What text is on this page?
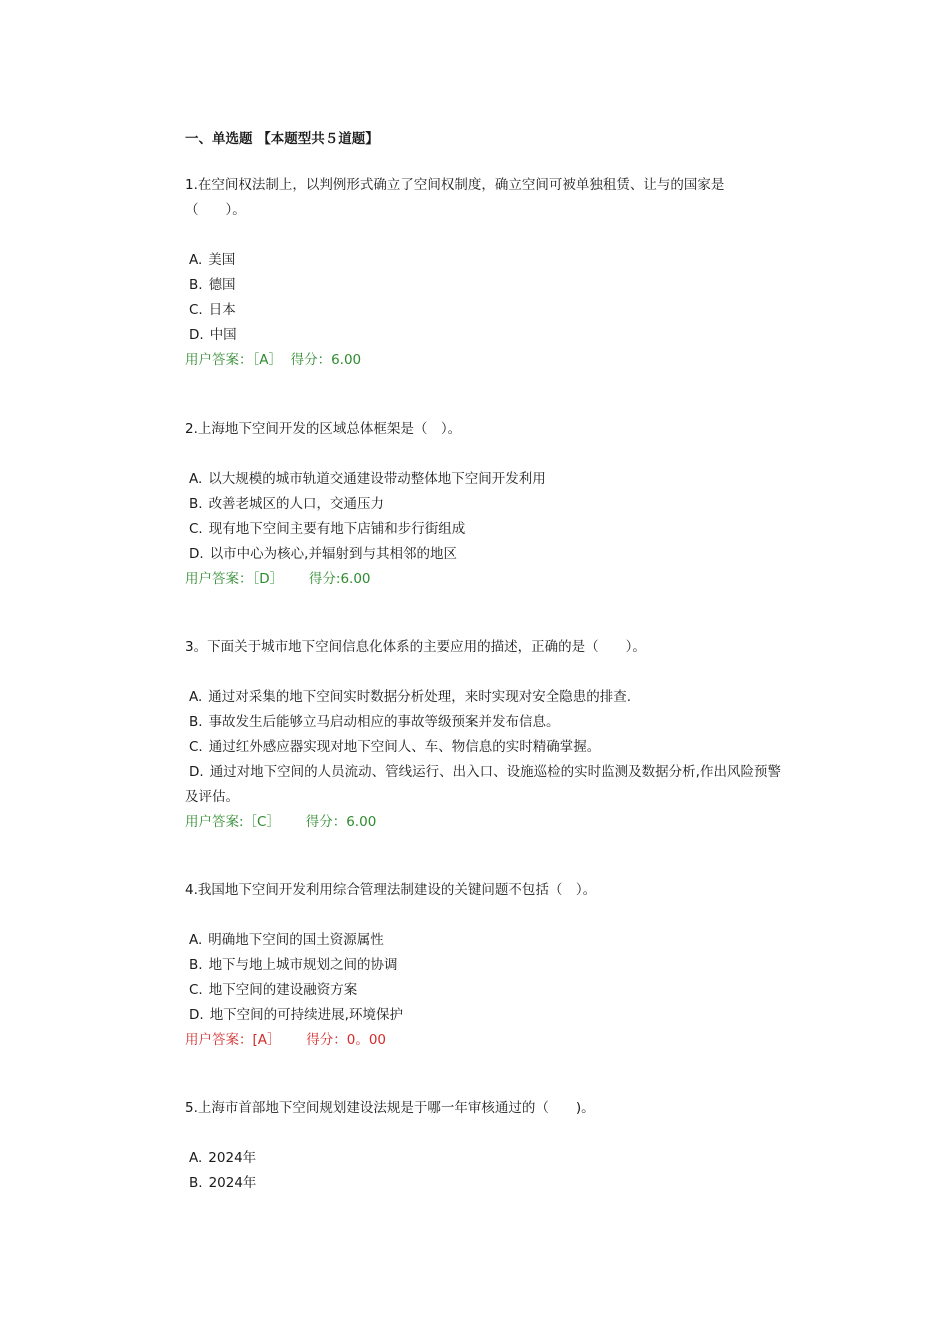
一、单选题 【本题型共５道题】

1.在空间权法制上，以判例形式确立了空间权制度，确立空间可被单独租赁、让与的国家是（　　）。

A. 美国
B. 德国
C. 日本
D. 中国
用户答案：［A］  得分：6.00

2.上海地下空间开发的区域总体框架是（　）。

A. 以大规模的城市轨道交通建设带动整体地下空间开发利用
B. 改善老城区的人口，交通压力
C. 现有地下空间主要有地下店铺和步行街组成
D. 以市中心为核心,并辐射到与其相邻的地区
用户答案：［D］      得分:6.00

3。下面关于城市地下空间信息化体系的主要应用的描述，正确的是（　　）。

A. 通过对采集的地下空间实时数据分析处理，来时实现对安全隐患的排查.
B. 事故发生后能够立马启动相应的事故等级预案并发布信息。
C. 通过红外感应器实现对地下空间人、车、物信息的实时精确掌握。
D. 通过对地下空间的人员流动、管线运行、出入口、设施巡检的实时监测及数据分析,作出风险预警及评估。
用户答案:［C］      得分：6.00

4.我国地下空间开发利用综合管理法制建设的关键问题不包括（　）。

A. 明确地下空间的国土资源属性
B. 地下与地上城市规划之间的协调
C. 地下空间的建设融资方案
D. 地下空间的可持续进展,环境保护
用户答案：[A］      得分：0。00

5.上海市首部地下空间规划建设法规是于哪一年审核通过的（　　)。

A. 2024年
B. 2024年
